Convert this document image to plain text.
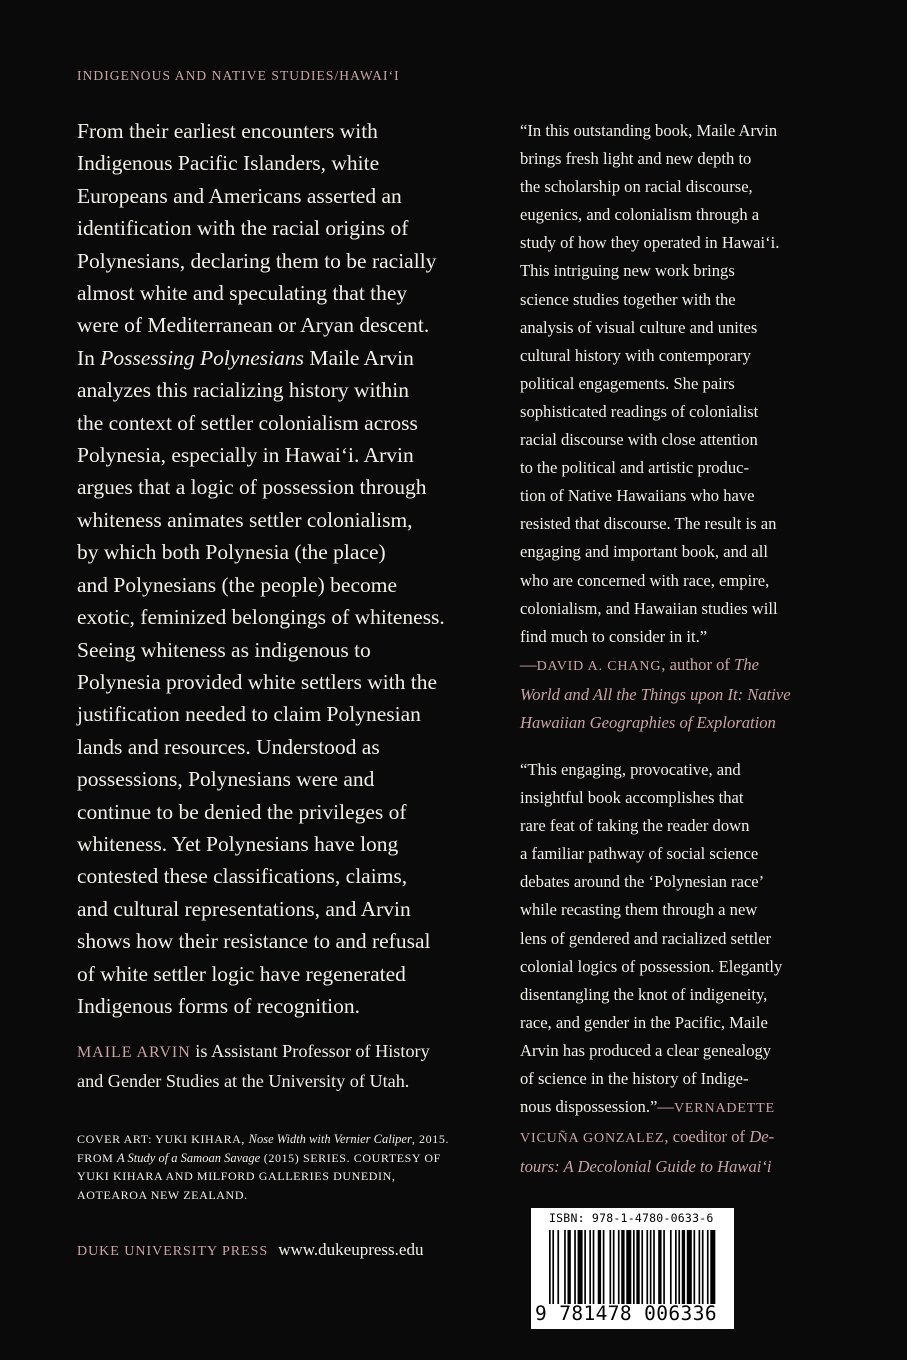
INDIGENOUS AND NATIVE STUDIES/HAWAI‘I
From their earliest encounters with
Indigenous Pacific Islanders, white
Europeans and Americans asserted an
identification with the racial origins of
Polynesians, declaring them to be racially
almost white and speculating that they
were of Mediterranean or Aryan descent.
In Possessing Polynesians Maile Arvin
analyzes this racializing history within
the context of settler colonialism across
Polynesia, especially in Hawai‘i. Arvin
argues that a logic of possession through
whiteness animates settler colonialism,
by which both Polynesia (the place)
and Polynesians (the people) become
exotic, feminized belongings of whiteness.
Seeing whiteness as indigenous to
Polynesia provided white settlers with the
justification needed to claim Polynesian
lands and resources. Understood as
possessions, Polynesians were and
continue to be denied the privileges of
whiteness. Yet Polynesians have long
contested these classifications, claims,
and cultural representations, and Arvin
shows how their resistance to and refusal
of white settler logic have regenerated
Indigenous forms of recognition.
MAILE ARVIN is Assistant Professor of History
and Gender Studies at the University of Utah.
COVER ART: YUKI KIHARA, Nose Width with Vernier Caliper, 2015.
FROM A Study of a Samoan Savage (2015) SERIES. COURTESY OF
YUKI KIHARA AND MILFORD GALLERIES DUNEDIN,
AOTEAROA NEW ZEALAND.
DUKE UNIVERSITY PRESS www.dukeupress.edu
“In this outstanding book, Maile Arvin
brings fresh light and new depth to
the scholarship on racial discourse,
eugenics, and colonialism through a
study of how they operated in Hawai‘i.
This intriguing new work brings
science studies together with the
analysis of visual culture and unites
cultural history with contemporary
political engagements. She pairs
sophisticated readings of colonialist
racial discourse with close attention
to the political and artistic produc-
tion of Native Hawaiians who have
resisted that discourse. The result is an
engaging and important book, and all
who are concerned with race, empire,
colonialism, and Hawaiian studies will
find much to consider in it.”
—DAVID A. CHANG, author of The
World and All the Things upon It: Native
Hawaiian Geographies of Exploration
“This engaging, provocative, and
insightful book accomplishes that
rare feat of taking the reader down
a familiar pathway of social science
debates around the ‘Polynesian race’
while recasting them through a new
lens of gendered and racialized settler
colonial logics of possession. Elegantly
disentangling the knot of indigeneity,
race, and gender in the Pacific, Maile
Arvin has produced a clear genealogy
of science in the history of Indige-
nous dispossession.”—VERNADETTE
VICUÑA GONZALEZ, coeditor of De-
tours: A Decolonial Guide to Hawai‘i
ISBN: 978-1-4780-0633-6
9 781478 006336
